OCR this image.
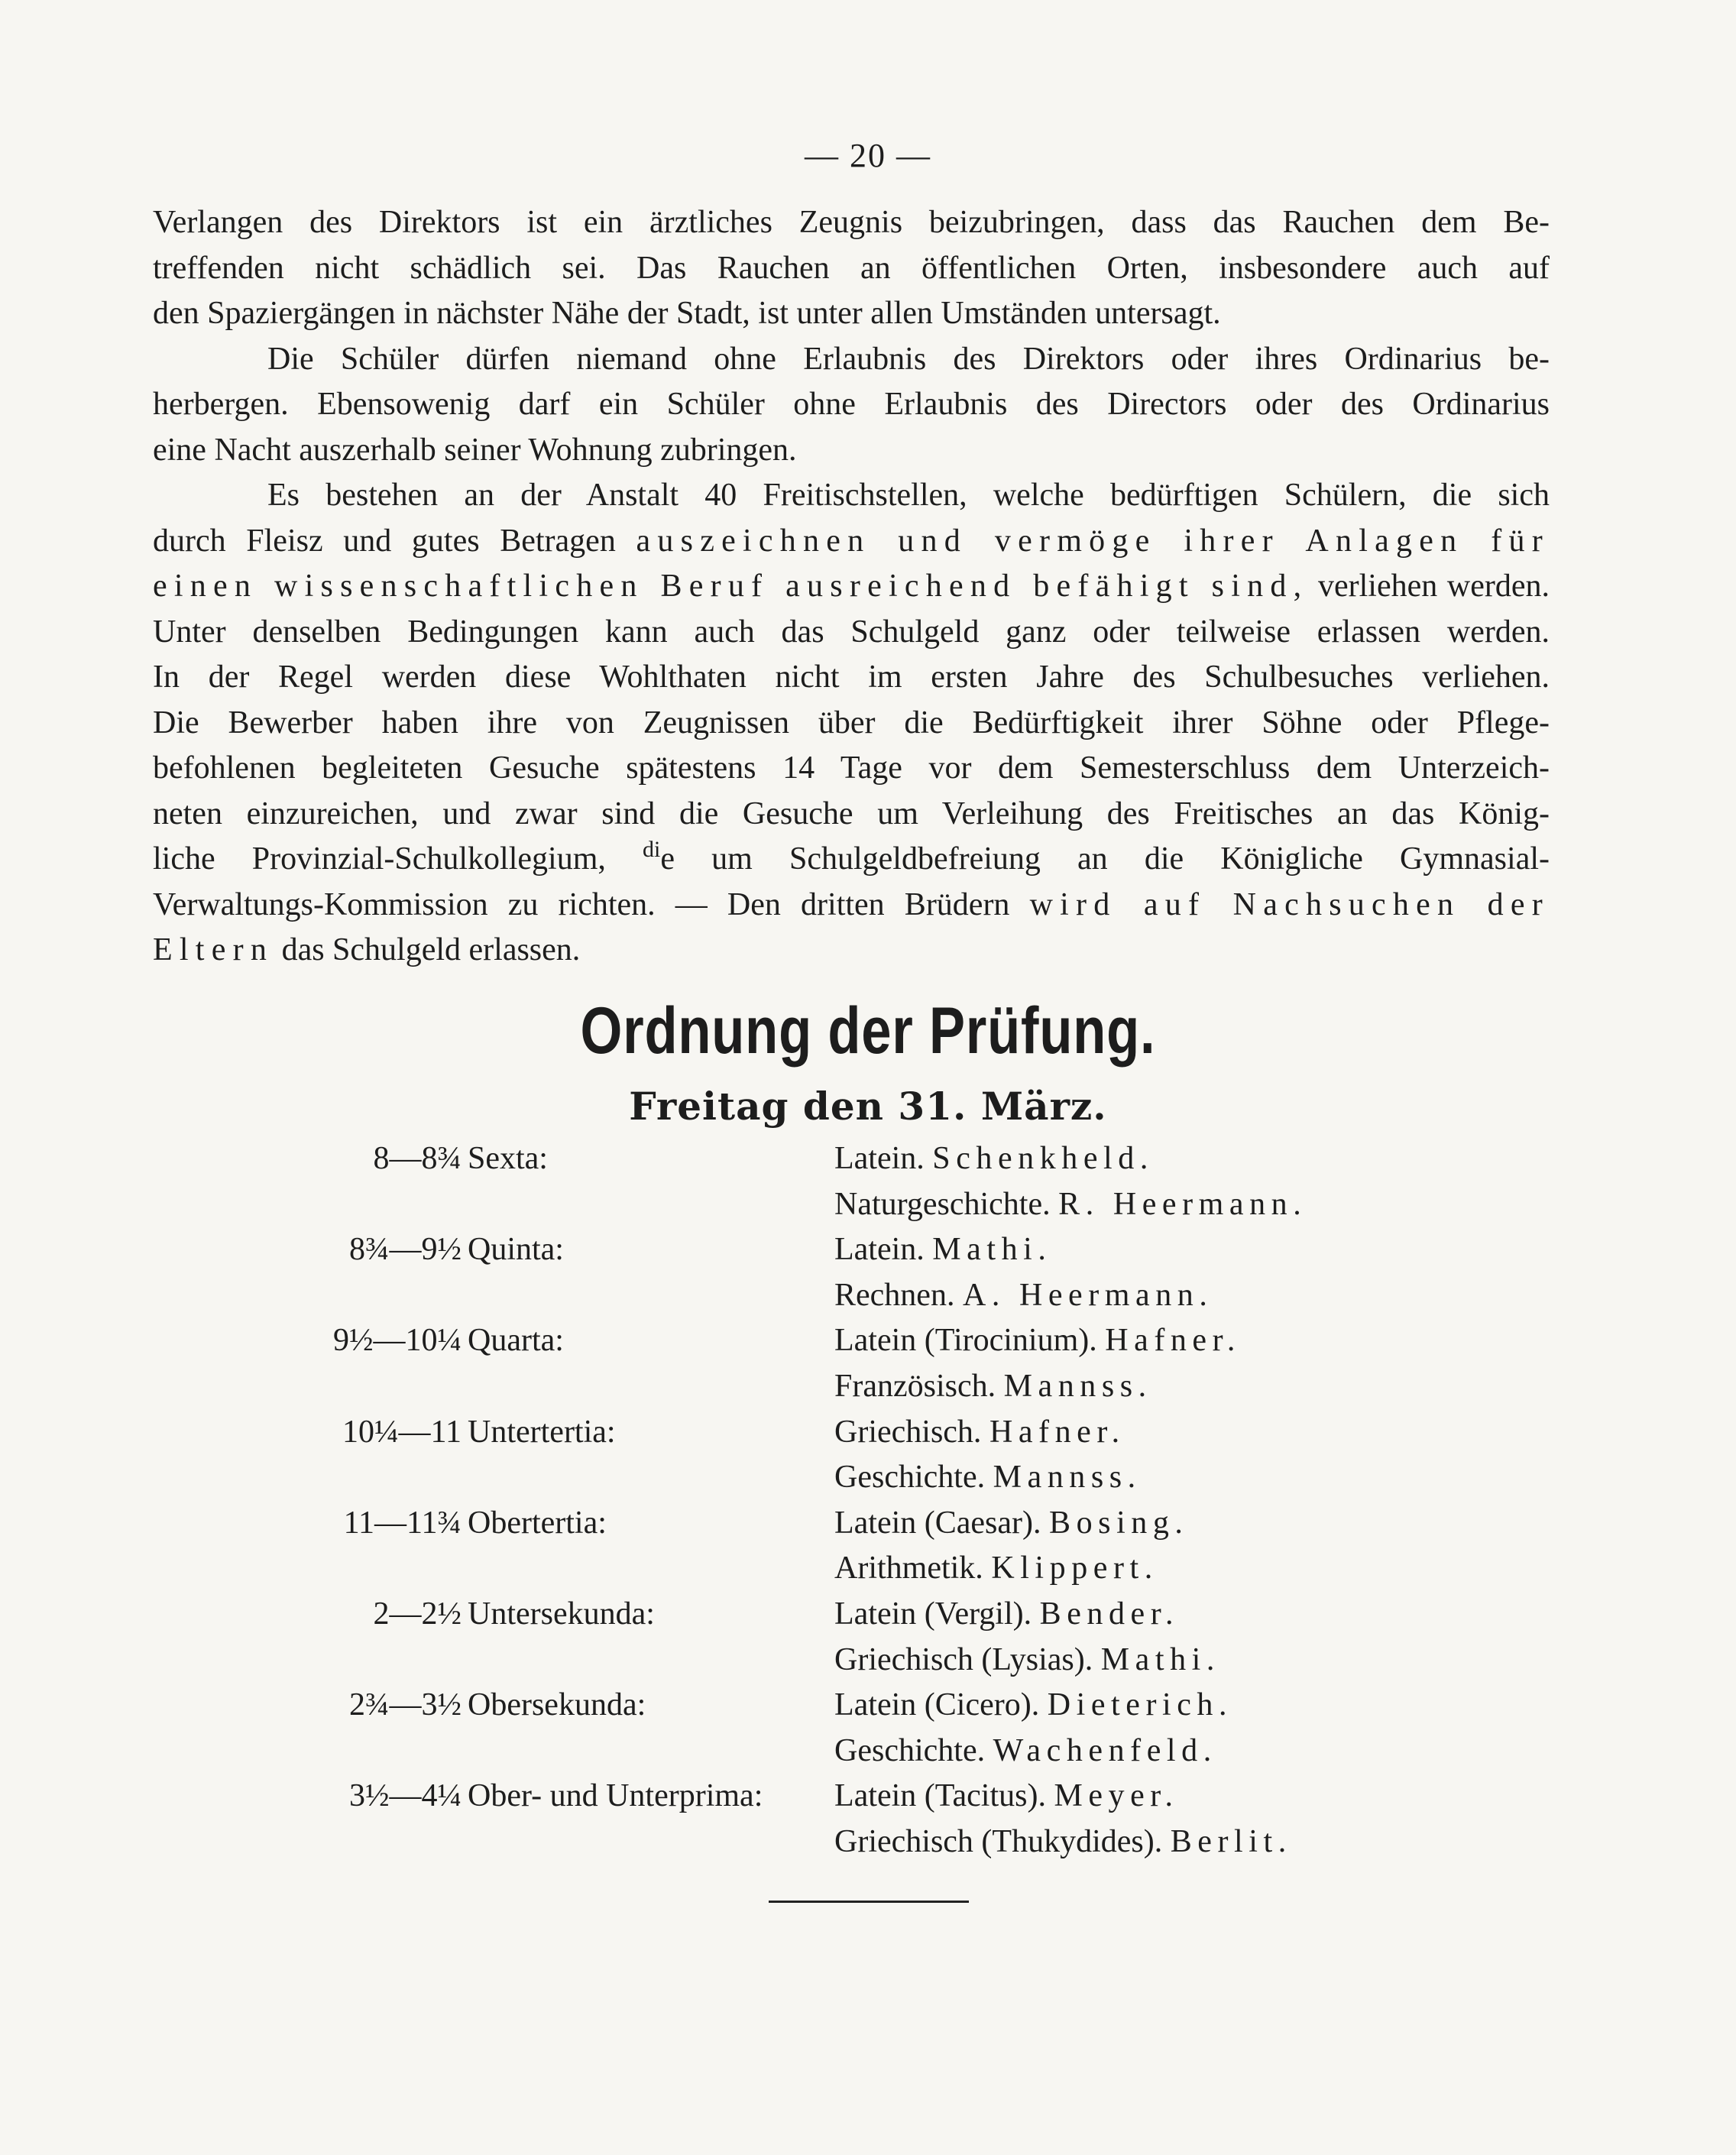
— 20 —

Verlangen des Direktors ist ein ärztliches Zeugnis beizubringen, dass das Rauchen dem Be-

treffenden nicht schädlich sei. Das Rauchen an öffentlichen Orten, insbesondere auch auf

den Spaziergängen in nächster Nähe der Stadt, ist unter allen Umständen untersagt.

Die Schüler dürfen niemand ohne Erlaubnis des Direktors oder ihres Ordinarius be-

herbergen. Ebensowenig darf ein Schüler ohne Erlaubnis des Directors oder des Ordinarius

eine Nacht auszerhalb seiner Wohnung zubringen.

Es bestehen an der Anstalt 40 Freitischstellen, welche bedürftigen Schülern, die sich

durch Fleisz und gutes Betragen auszeichnen und vermöge ihrer Anlagen für

einen wissenschaftlichen Beruf ausreichend befähigt sind, verliehen werden.

Unter denselben Bedingungen kann auch das Schulgeld ganz oder teilweise erlassen werden.

In der Regel werden diese Wohlthaten nicht im ersten Jahre des Schulbesuches verliehen.

Die Bewerber haben ihre von Zeugnissen über die Bedürftigkeit ihrer Söhne oder Pflege-

befohlenen begleiteten Gesuche spätestens 14 Tage vor dem Semesterschluss dem Unterzeich-

neten einzureichen, und zwar sind die Gesuche um Verleihung des Freitisches an das König-

liche Provinzial-Schulkollegium, $^{di}$e um Schulgeldbefreiung an die Königliche Gymnasial-

Verwaltungs-Kommission zu richten. — Den dritten Brüdern wird auf Nachsuchen der

Eltern das Schulgeld erlassen.

Ordnung der Prüfung.
Freitag den 31. März.
8—8¾ Sexta:	Latein. Schenkheld.
Naturgeschichte. R. Heermann.
8¾—9½ Quinta:	Latein. Mathi.
Rechnen. A. Heermann.
9½—10¼ Quarta:	Latein (Tirocinium). Hafner.
Französisch. Mannss.
10¼—11 Untertertia:	Griechisch. Hafner.
Geschichte. Mannss.
11—11¾ Obertertia:	Latein (Caesar). Bosing.
Arithmetik. Klippert.
2—2½ Untersekunda:	Latein (Vergil). Bender.
Griechisch (Lysias). Mathi.
2¾—3½ Obersekunda:	Latein (Cicero). Dieterich.
Geschichte. Wachenfeld.
3½—4¼ Ober- und Unterprima: Latein (Tacitus). Meyer.
Griechisch (Thukydides). Berlit.
